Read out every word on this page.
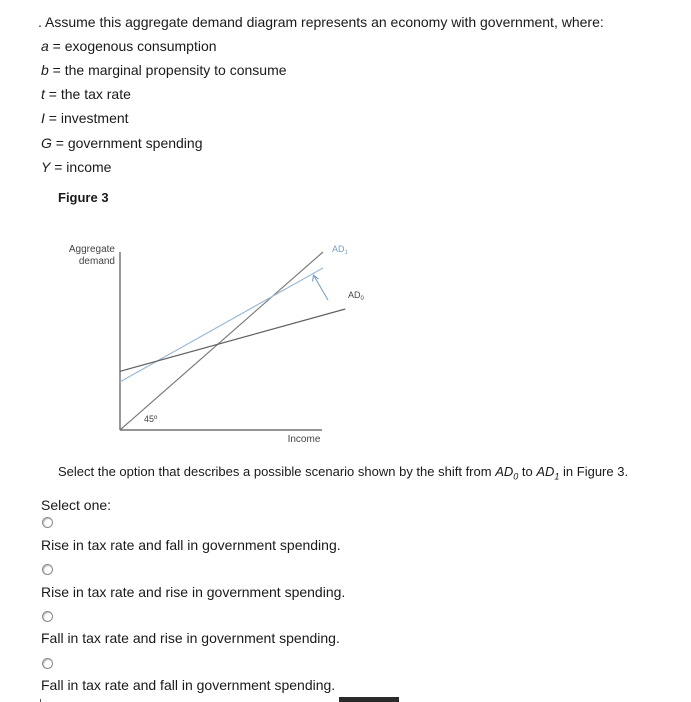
. Assume this aggregate demand diagram represents an economy with government, where:
a = exogenous consumption
b = the marginal propensity to consume
t = the tax rate
I = investment
G = government spending
Y = income
Figure 3
Aggregate
demand
Income
45º
$AD_1$
$AD_0$
Select the option that describes a possible scenario shown by the shift from $AD_0$ to $AD_1$ in Figure 3.
Select one:
Rise in tax rate and fall in government spending.
Rise in tax rate and rise in government spending.
Fall in tax rate and rise in government spending.
Fall in tax rate and fall in government spending.
